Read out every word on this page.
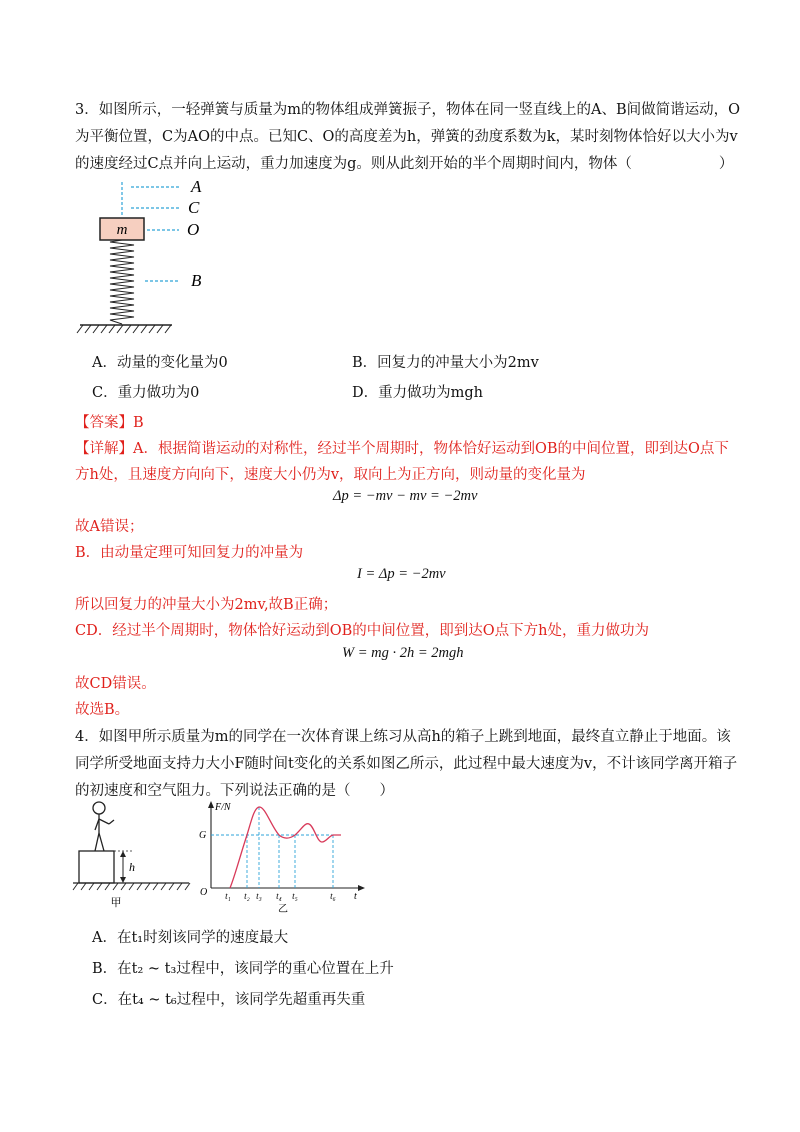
3．如图所示，一轻弹簧与质量为m的物体组成弹簧振子，物体在同一竖直线上的A、B间做简谐运动，O
为平衡位置，C为AO的中点。已知C、O的高度差为h，弹簧的劲度系数为k，某时刻物体恰好以大小为v
的速度经过C点并向上运动，重力加速度为g。则从此刻开始的半个周期时间内，物体（　　　　　　）
m
A
C
O
B
A．动量的变化量为0	B．回复力的冲量大小为2mv
C．重力做功为0	D．重力做功为mgh
【答案】B
【详解】A．根据简谐运动的对称性，经过半个周期时，物体恰好运动到OB的中间位置，即到达O点下
方h处，且速度方向向下，速度大小仍为v，取向上为正方向，则动量的变化量为
Δp = −mv − mv = −2mv
故A错误；
B．由动量定理可知回复力的冲量为
I = Δp = −2mv
所以回复力的冲量大小为2mv,故B正确；
CD．经过半个周期时，物体恰好运动到OB的中间位置，即到达O点下方h处，重力做功为
W = mg · 2h = 2mgh
故CD错误。
故选B。
4．如图甲所示质量为m的同学在一次体育课上练习从高h的箱子上跳到地面，最终直立静止于地面。该
同学所受地面支持力大小F随时间t变化的关系如图乙所示，此过程中最大速度为v，不计该同学离开箱子
的初速度和空气阻力。下列说法正确的是（　　）
h
甲
F/N
t
O
G
t₁ t₂ t₃ t₄ t₅	t₆
乙
A．在t₁时刻该同学的速度最大
B．在t₂ ~ t₃过程中，该同学的重心位置在上升
C．在t₄ ~ t₆过程中，该同学先超重再失重
